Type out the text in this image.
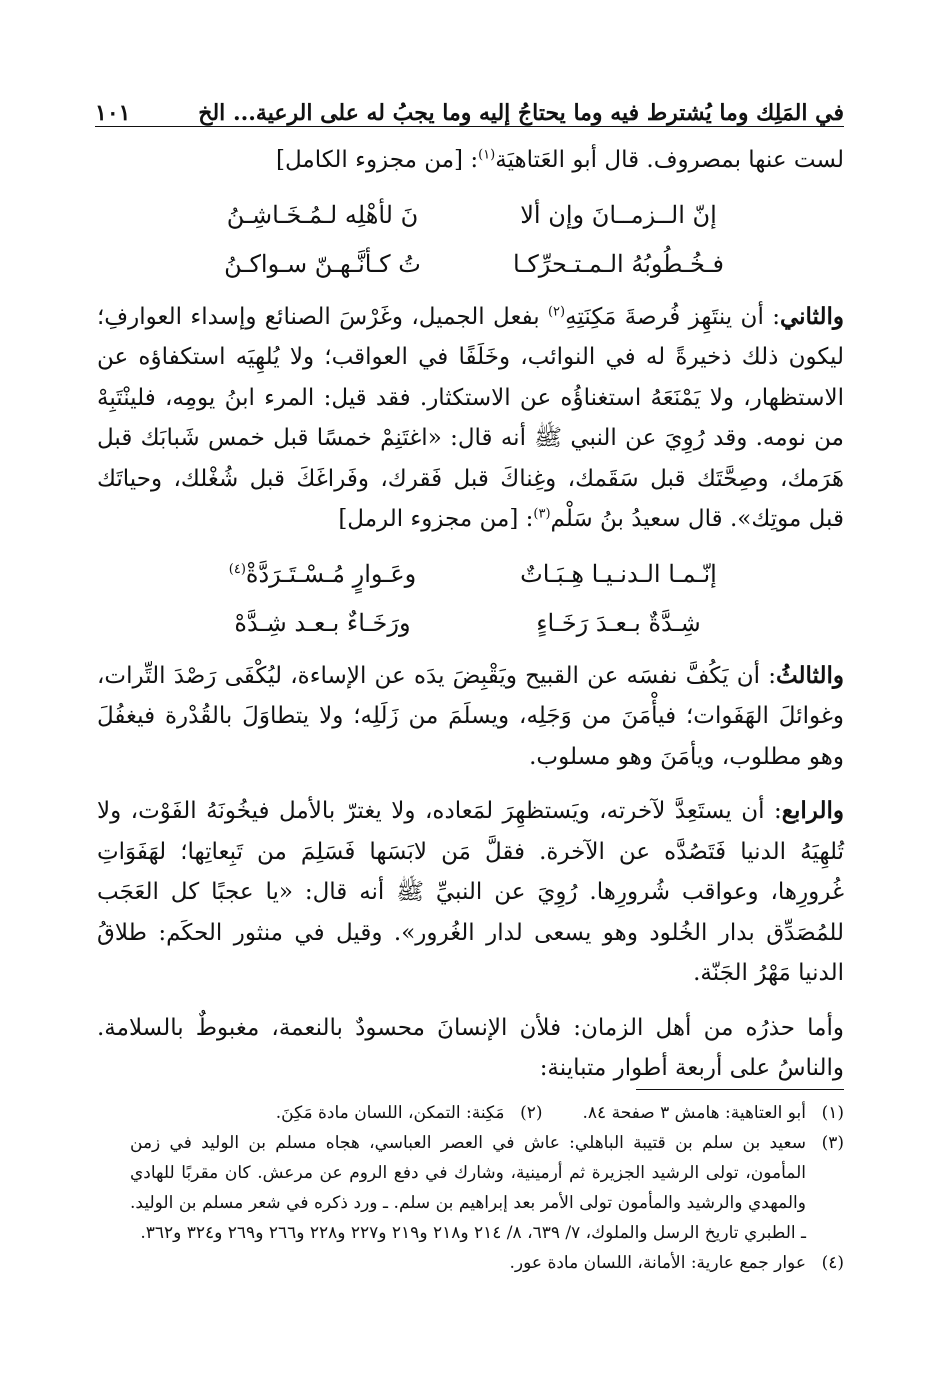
١٠١	في المَلِك وما يُشترط فيه وما يحتاجُ إليه وما يجبُ له على الرعية... الخ

لست عنها بمصروف. قال أبو العَتاهيَة$^{(١)}$: [من مجزوء الكامل]

إنّ الــزمــانَ وإن ألا
نَ لأهْلِه لـمُـخَـاشِـنُ
فـخُـطُوبُهُ الـمـتـحرِّكـا
تُ كـأنَّـهـنّ سـواكـنُ

والثاني: أن ينتَهِز فُرصةَ مَكِنَتِهِ$^{(٢)}$ بفعل الجميل، وغَرْسَ الصنائع وإسداء العوارفِ؛ ليكون ذلك ذخيرةً له في النوائب، وخَلَفًا في العواقب؛ ولا يُلهِيَه استكفاؤه عن الاستظهار، ولا يَمْنَعَهُ استغناؤُه عن الاستكثار. فقد قيل: المرء ابنُ يومِه، فلينْتَبِهْ من نومه. وقد رُوِيَ عن النبي ﷺ أنه قال: «اغتَنِمْ خمسًا قبل خمس شَبابَك قبل هَرَمك، وصِحَّتَك قبل سَقَمك، وغِناكَ قبل فَقرك، وفَراغَكَ قبل شُغْلك، وحياتَك قبل موتِك». قال سعيدُ بنُ سَلْم$^{(٣)}$: [من مجزوء الرمل]

إنّـمـا الـدنـيـا هِـبَـاتٌ
وعَـوارٍ مُـسْـتَـرَدَّةْ$^{(٤)}$
شِـدَّةٌ بـعـدَ رَخَـاءٍ
ورَخَـاءٌ بـعـد شِـدَّهْ

والثالثُ: أن يَكُفَّ نفسَه عن القبيح ويَقْبِضَ يدَه عن الإساءة، ليُكْفَى رَصْدَ التِّرات، وغوائلَ الهَفَوات؛ فيأْمَنَ من وَجَلِه، ويسلَمَ من زَلَلِه؛ ولا يتطاوَلَ بالقُدْرة فيغفُلَ وهو مطلوب، ويأمَنَ وهو مسلوب.

والرابع: أن يستَعِدَّ لآخرته، ويَستظهِرَ لمَعاده، ولا يغترّ بالأمل فيخُونَهُ الفَوْت، ولا تُلهِيَهُ الدنيا فَتَصُدَّه عن الآخرة. فقلَّ مَن لابَسَها فَسَلِمَ من تَبِعاتِها؛ لهَفَوَاتِ غُرورِها، وعواقب شُرورِها. رُوِيَ عن النبيِّ ﷺ أنه قال: «يا عجبًا كل العَجَب للمُصَدِّق بدار الخُلود وهو يسعى لدار الغُرور». وقيل في منثور الحكَم: طلاقُ الدنيا مَهْرُ الجَنّة.

وأما حذرُه من أهل الزمان: فلأن الإنسانَ محسودٌ بالنعمة، مغبوطٌ بالسلامة. والناسُ على أربعة أطوار متباينة:

(١)
أبو العتاهية: هامش ٣ صفحة ٨٤.
(٢)
مَكِنة: التمكن، اللسان مادة مَكِنَ.
(٣)
سعيد بن سلم بن قتيبة الباهلي: عاش في العصر العباسي، هجاه مسلم بن الوليد في زمن المأمون، تولى الرشيد الجزيرة ثم أرمينية، وشارك في دفع الروم عن مرعش. كان مقربًا للهادي والمهدي والرشيد والمأمون تولى الأمر بعد إبراهيم بن سلم. ـ ورد ذكره في شعر مسلم بن الوليد. ـ الطبري تاريخ الرسل والملوك، ٧/ ٦٣٩، ٨/ ٢١٤ و٢١٨ و٢١٩ و٢٢٧ و٢٢٨ و٢٦٦ و٢٦٩ و٣٢٤ و٣٦٢.
(٤)
عوار جمع عارية: الأمانة، اللسان مادة عور.
